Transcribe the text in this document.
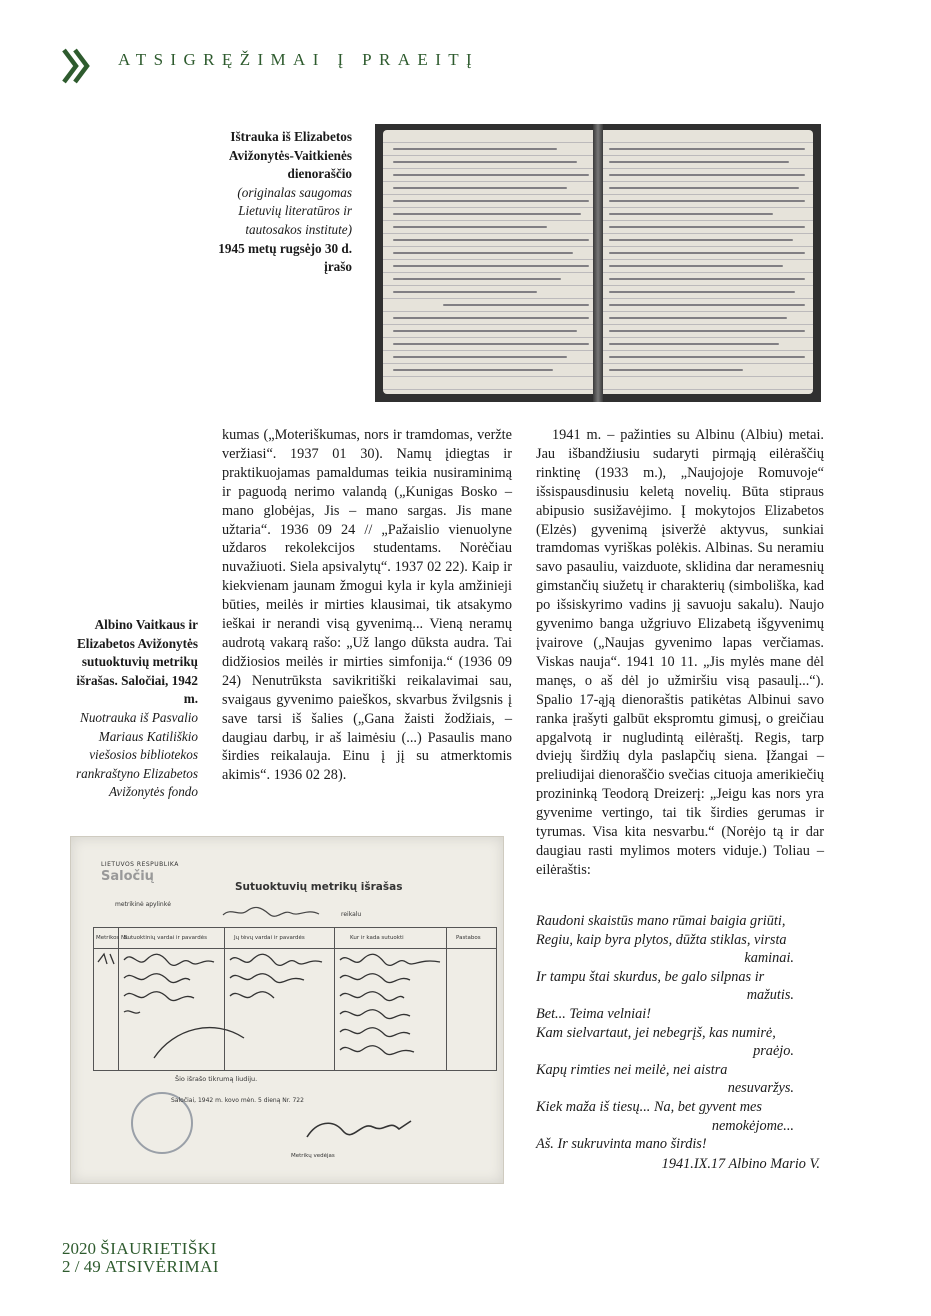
ATSIGRĘŽIMAI Į PRAEITĮ
Ištrauka iš Elizabetos Avižonytės-Vaitkienės dienoraščio
(originalas saugomas Lietuvių literatūros ir tautosakos institute)
1945 metų rugsėjo 30 d. įrašo
kumas („Moteriškumas, nors ir tramdomas, veržte veržiasi“. 1937 01 30). Namų įdiegtas ir praktikuojamas pamaldumas teikia nusiraminimą ir paguodą nerimo valandą („Kunigas Bosko – mano globėjas, Jis – mano sargas. Jis mane užtaria“. 1936 09 24 // „Pažaislio vienuolyne uždaros rekolekcijos studentams. Norėčiau nuvažiuoti. Siela apsivalytų“. 1937 02 22). Kaip ir kiekvienam jaunam žmogui kyla ir kyla amžinieji būties, meilės ir mirties klausimai, tik atsakymo ieškai ir nerandi visą gyvenimą... Vieną neramų audrotą vakarą rašo: „Už lango dūksta audra. Tai didžiosios meilės ir mirties simfonija.“ (1936 09 24) Nenutrūksta savikritiški reikalavimai sau, svaigaus gyvenimo paieškos, skvarbus žvilgsnis į save tarsi iš šalies („Gana žaisti žodžiais, – daugiau darbų, ir aš laimėsiu (...) Pasaulis mano širdies reikalauja. Einu į jį su atmerktomis akimis“. 1936 02 28).

1941 m. – pažinties su Albinu (Albiu) metai. Jau išbandžiusiu sudaryti pirmąją eilėraščių rinktinę (1933 m.), „Naujojoje Romuvoje“ išsispausdinusiu keletą novelių. Būta stipraus abipusio susižavėjimo. Į mokytojos Elizabetos (Elzės) gyvenimą įsiveržė aktyvus, sunkiai tramdomas vyriškas polėkis. Albinas. Su neramiu savo pasauliu, vaizduote, sklidina dar neramesnių gimstančių siužetų ir charakterių (simboliška, kad po išsiskyrimo vadins jį savuoju sakalu). Naujo gyvenimo banga užgriuvo Elizabetą išgyvenimų įvairove („Naujas gyvenimo lapas verčiamas. Viskas nauja“. 1941 10 11. „Jis mylės mane dėl manęs, o aš dėl jo užmiršiu visą pasaulį...“). Spalio 17-ąją dienoraštis patikėtas Albinui savo ranka įrašyti galbūt ekspromtu gimusį, o greičiau apgalvotą ir nugludintą eilėraštį. Regis, tarp dviejų širdžių dyla paslapčių siena. Įžangai – preliudijai dienoraščio svečias cituoja amerikiečių prozininką Teodorą Dreizerį: „Jeigu kas nors yra gyvenime vertingo, tai tik širdies gerumas ir tyrumas. Visa kita nesvarbu.“ (Norėjo tą ir dar daugiau rasti mylimos moters viduje.) Toliau – eilėraštis:

Raudoni skaistūs mano rūmai baigia griūti,
Regiu, kaip byra plytos, dūžta stiklas, virsta
kaminai.
Ir tampu štai skurdus, be galo silpnas ir
mažutis.
Bet... Teima velniai!
Kam sielvartaut, jei nebegrįš, kas numirė,
praėjo.
Kapų rimties nei meilė, nei aistra
nesuvaržys.
Kiek maža iš tiesų... Na, bet gyvent mes
nemokėjome...
Aš. Ir sukruvinta mano širdis!
1941.IX.17 Albino Mario V.
Albino Vaitkaus ir Elizabetos Avižonytės sutuoktuvių metrikų išrašas. Saločiai, 1942 m.
Nuotrauka iš Pasvalio Mariaus Katiliškio viešosios bibliotekos rankraštyno Elizabetos Avižonytės fondo
LIETUVOS RESPUBLIKA
Saločių
Sutuoktuvių metrikų išrašas
metrikinė apylinkė
reikalu
Metrikos Nr.
Sutuoktinių vardai ir pavardės	Jų tėvų vardai ir pavardės	Kur ir kada sutuokti	Pastabos
Šio išrašo tikrumą liudiju.
Saločiai, 1942 m. kovo mėn. 5 dieną Nr. 722
Metrikų vedėjas
2020 ŠIAURIETIŠKI
2 / 49 ATSIVĖRIMAI
